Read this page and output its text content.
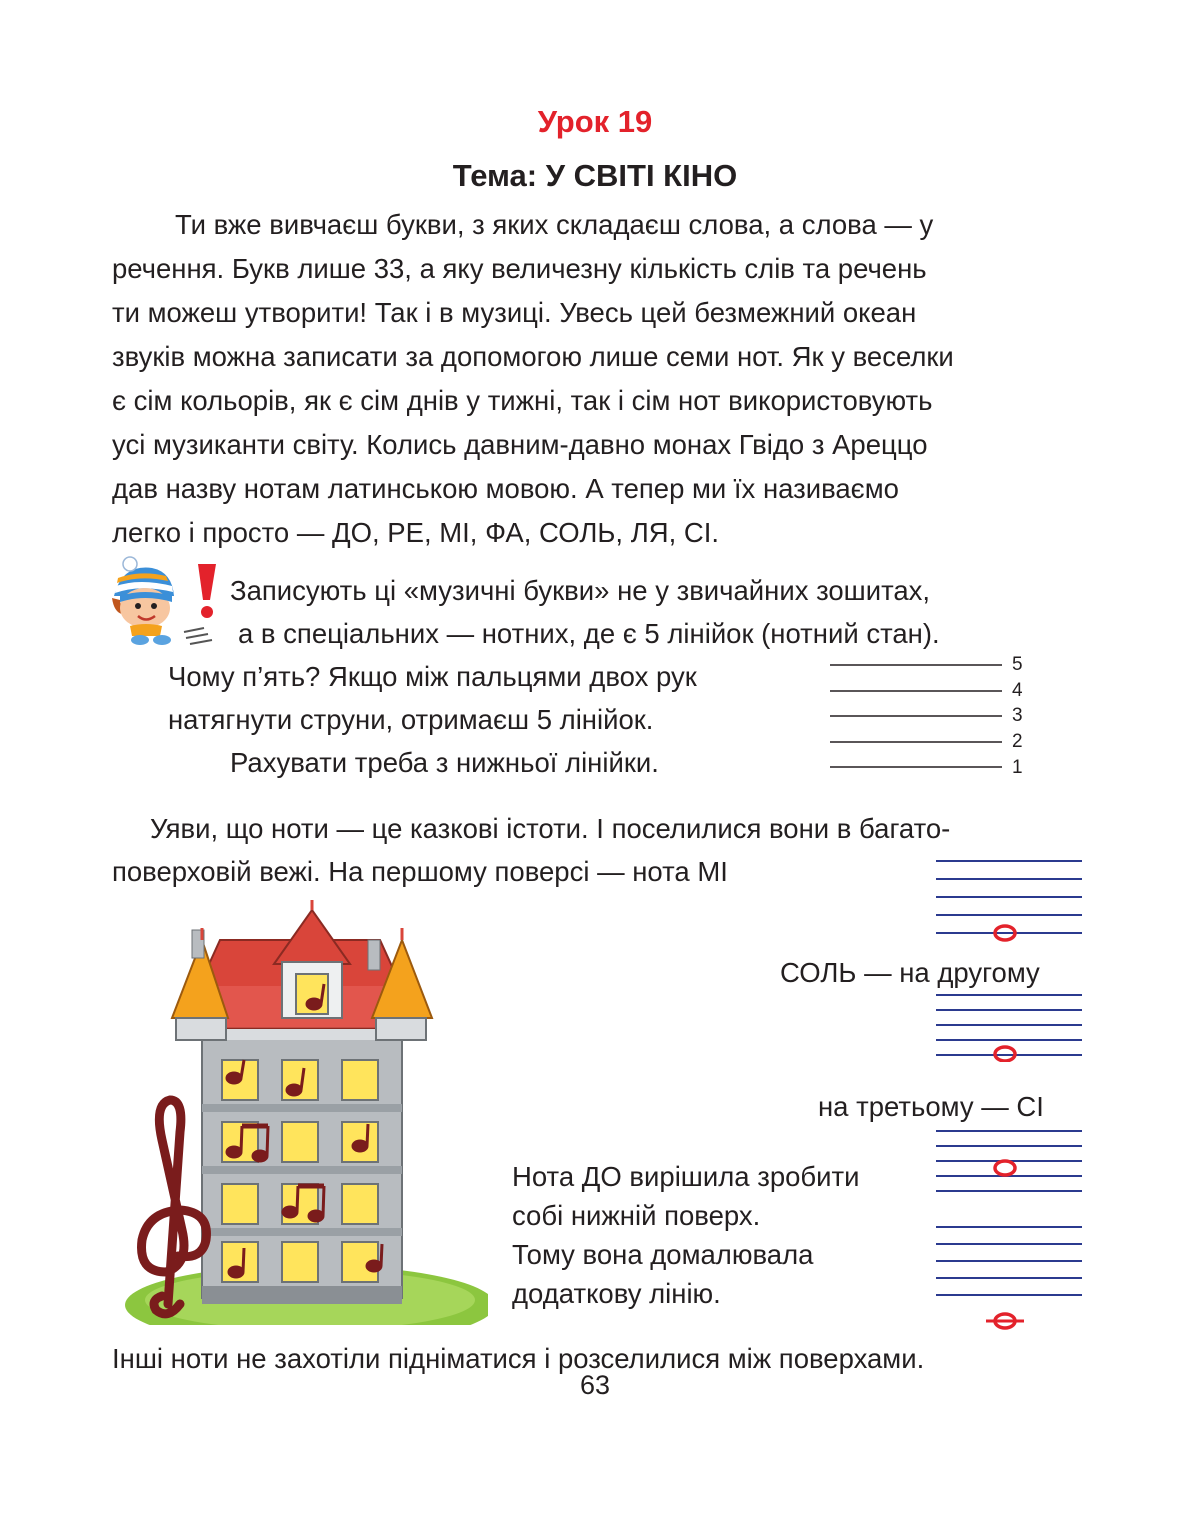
Урок 19
Тема: У СВІТІ КІНО
Ти вже вивчаєш букви, з яких складаєш слова, а слова — у
речення. Букв лише 33, а яку величезну кількість слів та речень
ти можеш утворити! Так і в музиці. Увесь цей безмежний океан
звуків можна записати за допомогою лише семи нот. Як у веселки
є сім кольорів, як є сім днів у тижні, так і сім нот використовують
усі музиканти світу. Колись давним-давно монах Гвідо з Ареццо
дав назву нотам латинською мовою. А тепер ми їх називаємо
легко і просто — ДО, РЕ, МІ, ФА, СОЛЬ, ЛЯ, СІ.
Записують ці «музичні букви» не у звичайних зошитах,
а в спеціальних — нотних, де є 5 лінійок (нотний стан).
Чому п’ять? Якщо між пальцями двох рук
натягнути струни, отримаєш 5 лінійок.
Рахувати треба з нижньої лінійки.
5
4
3
2
1
Уяви, що ноти — це казкові істоти. І поселилися вони в багато-
поверховій вежі. На першому поверсі — нота МІ
СОЛЬ — на другому
на третьому — СІ
Нота ДО вирішила зробити
собі нижній поверх.
Тому вона домалювала
додаткову лінію.
Інші ноти не захотіли підніматися і розселилися між поверхами.
63
